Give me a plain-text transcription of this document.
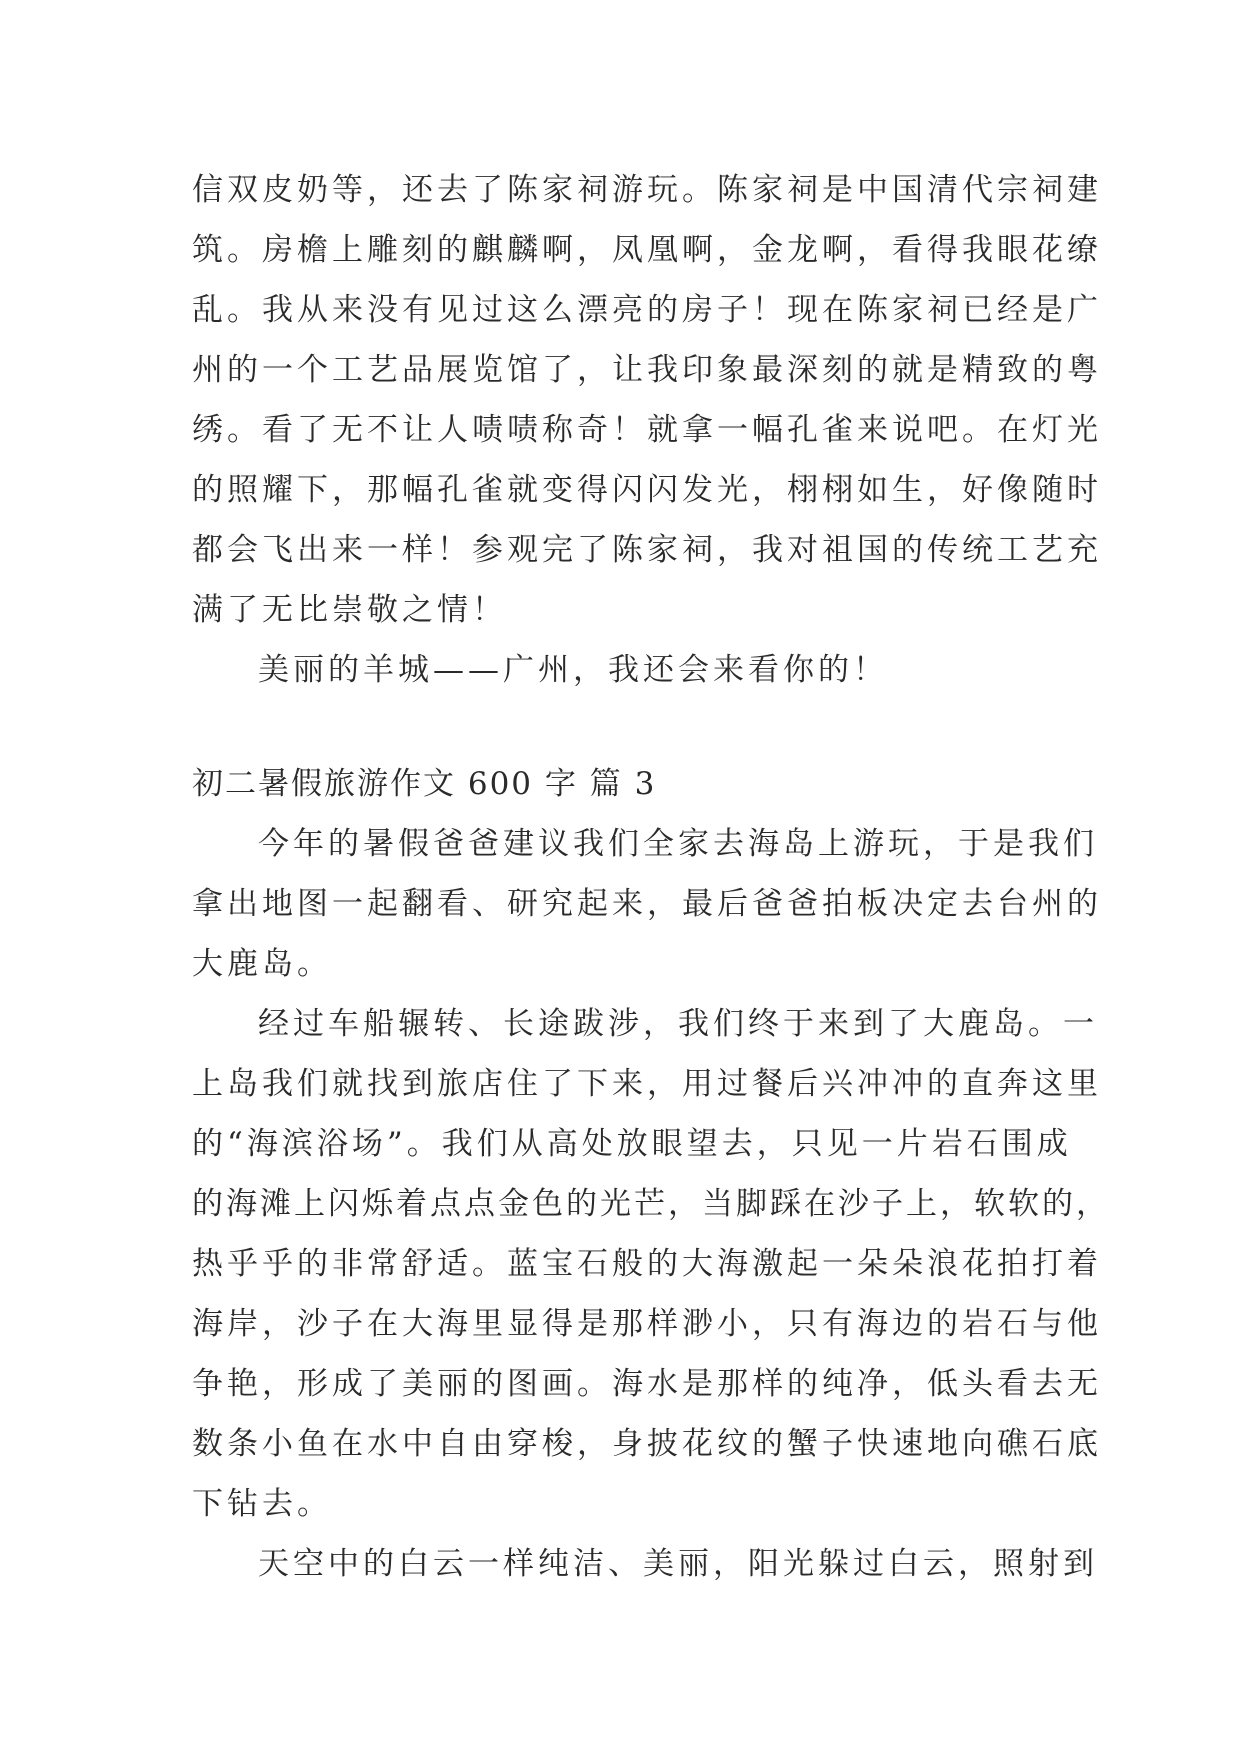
信双皮奶等，还去了陈家祠游玩。陈家祠是中国清代宗祠建
筑。房檐上雕刻的麒麟啊，凤凰啊，金龙啊，看得我眼花缭
乱。我从来没有见过这么漂亮的房子！现在陈家祠已经是广
州的一个工艺品展览馆了，让我印象最深刻的就是精致的粤
绣。看了无不让人啧啧称奇！就拿一幅孔雀来说吧。在灯光
的照耀下，那幅孔雀就变得闪闪发光，栩栩如生，好像随时
都会飞出来一样！参观完了陈家祠，我对祖国的传统工艺充
满了无比崇敬之情！
美丽的羊城——广州，我还会来看你的！
初二暑假旅游作文 600 字 篇 3
今年的暑假爸爸建议我们全家去海岛上游玩，于是我们
拿出地图一起翻看、研究起来，最后爸爸拍板决定去台州的
大鹿岛。
经过车船辗转、长途跋涉，我们终于来到了大鹿岛。一
上岛我们就找到旅店住了下来，用过餐后兴冲冲的直奔这里
的“海滨浴场”。我们从高处放眼望去，只见一片岩石围成
的海滩上闪烁着点点金色的光芒，当脚踩在沙子上，软软的，
热乎乎的非常舒适。蓝宝石般的大海激起一朵朵浪花拍打着
海岸，沙子在大海里显得是那样渺小，只有海边的岩石与他
争艳，形成了美丽的图画。海水是那样的纯净，低头看去无
数条小鱼在水中自由穿梭，身披花纹的蟹子快速地向礁石底
下钻去。
天空中的白云一样纯洁、美丽，阳光躲过白云，照射到
